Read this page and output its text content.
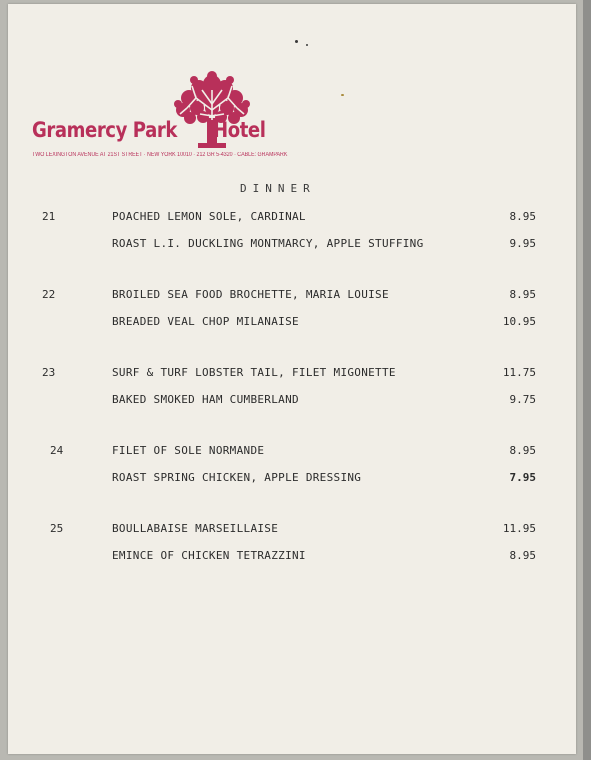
Gramercy Park Hotel
TWO LEXINGTON AVENUE AT 21ST STREET · NEW YORK 10010 · 212 GR 5-4320 · CABLE: GRAMPARK
DINNER
21	POACHED LEMON SOLE, CARDINAL	8.95
ROAST L.I. DUCKLING MONTMARCY, APPLE STUFFING	9.95
22	BROILED SEA FOOD BROCHETTE, MARIA LOUISE	8.95
BREADED VEAL CHOP MILANAISE	10.95
23	SURF & TURF LOBSTER TAIL, FILET MIGONETTE	11.75
BAKED SMOKED HAM CUMBERLAND	9.75
24	FILET OF SOLE NORMANDE	8.95
ROAST SPRING CHICKEN, APPLE DRESSING	7.95
25	BOULLABAISE MARSEILLAISE	11.95
EMINCE OF CHICKEN TETRAZZINI	8.95
